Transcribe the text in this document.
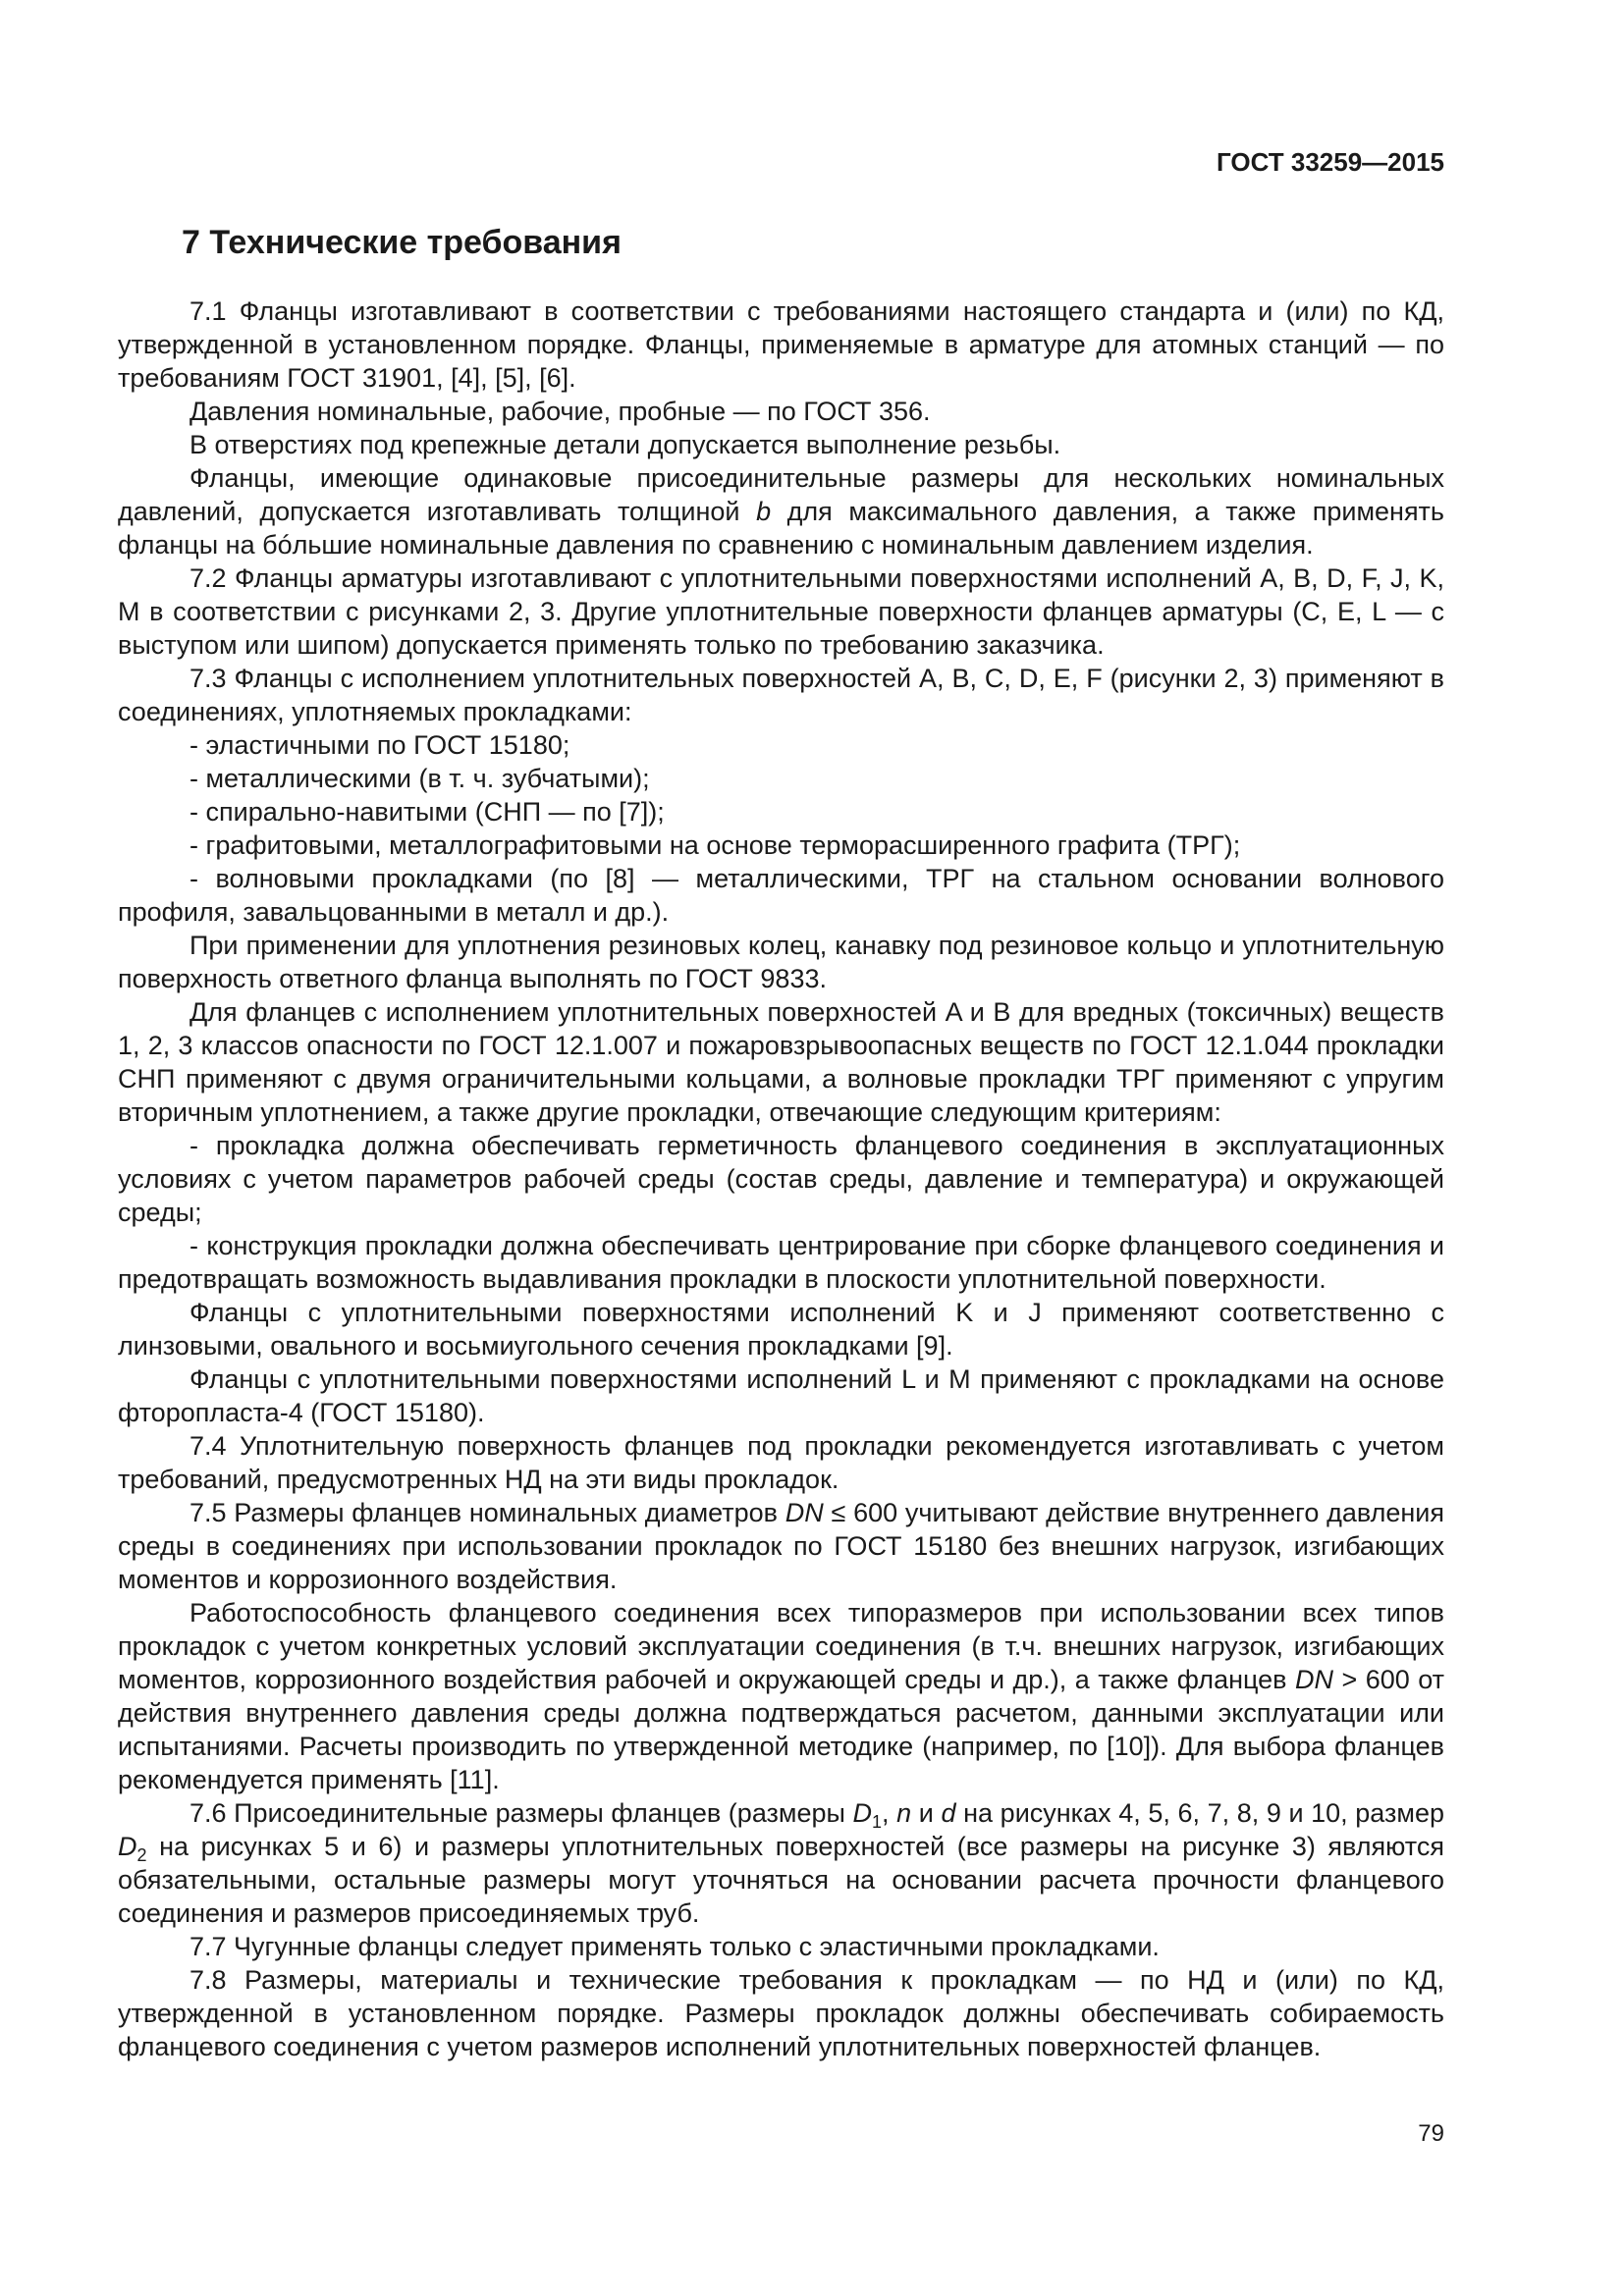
ГОСТ 33259—2015
7 Технические требования

7.1 Фланцы изготавливают в соответствии с требованиями настоящего стандарта и (или) по КД, утвержденной в установленном порядке. Фланцы, применяемые в арматуре для атомных станций — по требованиям ГОСТ 31901, [4], [5], [6].

Давления номинальные, рабочие, пробные — по ГОСТ 356.

В отверстиях под крепежные детали допускается выполнение резьбы.

Фланцы, имеющие одинаковые присоединительные размеры для нескольких номинальных давлений, допускается изготавливать толщиной b для максимального давления, а также применять фланцы на бóльшие номинальные давления по сравнению с номинальным давлением изделия.

7.2 Фланцы арматуры изготавливают с уплотнительными поверхностями исполнений A, B, D, F, J, K, M в соответствии с рисунками 2, 3. Другие уплотнительные поверхности фланцев арматуры (C, E, L — с выступом или шипом) допускается применять только по требованию заказчика.

7.3 Фланцы с исполнением уплотнительных поверхностей A, B, C, D, E, F (рисунки 2, 3) применяют в соединениях, уплотняемых прокладками:

- эластичными по ГОСТ 15180;

- металлическими (в т. ч. зубчатыми);

- спирально-навитыми (СНП — по [7]);

- графитовыми, металлографитовыми на основе терморасширенного графита (ТРГ);

- волновыми прокладками (по [8] — металлическими, ТРГ на стальном основании волнового профиля, завальцованными в металл и др.).

При применении для уплотнения резиновых колец, канавку под резиновое кольцо и уплотнительную поверхность ответного фланца выполнять по ГОСТ 9833.

Для фланцев с исполнением уплотнительных поверхностей A и B для вредных (токсичных) веществ 1, 2, 3 классов опасности по ГОСТ 12.1.007 и пожаровзрывоопасных веществ по ГОСТ 12.1.044 прокладки СНП применяют с двумя ограничительными кольцами, а волновые прокладки ТРГ применяют с упругим вторичным уплотнением, а также другие прокладки, отвечающие следующим критериям:

- прокладка должна обеспечивать герметичность фланцевого соединения в эксплуатационных условиях с учетом параметров рабочей среды (состав среды, давление и температура) и окружающей среды;

- конструкция прокладки должна обеспечивать центрирование при сборке фланцевого соединения и предотвращать возможность выдавливания прокладки в плоскости уплотнительной поверхности.

Фланцы с уплотнительными поверхностями исполнений K и J применяют соответственно с линзовыми, овального и восьмиугольного сечения прокладками [9].

Фланцы с уплотнительными поверхностями исполнений L и M применяют с прокладками на основе фторопласта-4 (ГОСТ 15180).

7.4 Уплотнительную поверхность фланцев под прокладки рекомендуется изготавливать с учетом требований, предусмотренных НД на эти виды прокладок.

7.5 Размеры фланцев номинальных диаметров DN ≤ 600 учитывают действие внутреннего давления среды в соединениях при использовании прокладок по ГОСТ 15180 без внешних нагрузок, изгибающих моментов и коррозионного воздействия.

Работоспособность фланцевого соединения всех типоразмеров при использовании всех типов прокладок с учетом конкретных условий эксплуатации соединения (в т.ч. внешних нагрузок, изгибающих моментов, коррозионного воздействия рабочей и окружающей среды и др.), а также фланцев DN > 600 от действия внутреннего давления среды должна подтверждаться расчетом, данными эксплуатации или испытаниями. Расчеты производить по утвержденной методике (например, по [10]). Для выбора фланцев рекомендуется применять [11].

7.6 Присоединительные размеры фланцев (размеры $D_1$, n и d на рисунках 4, 5, 6, 7, 8, 9 и 10, размер $D_2$ на рисунках 5 и 6) и размеры уплотнительных поверхностей (все размеры на рисунке 3) являются обязательными, остальные размеры могут уточняться на основании расчета прочности фланцевого соединения и размеров присоединяемых труб.

7.7 Чугунные фланцы следует применять только с эластичными прокладками.

7.8 Размеры, материалы и технические требования к прокладкам — по НД и (или) по КД, утвержденной в установленном порядке. Размеры прокладок должны обеспечивать собираемость фланцевого соединения с учетом размеров исполнений уплотнительных поверхностей фланцев.

79
